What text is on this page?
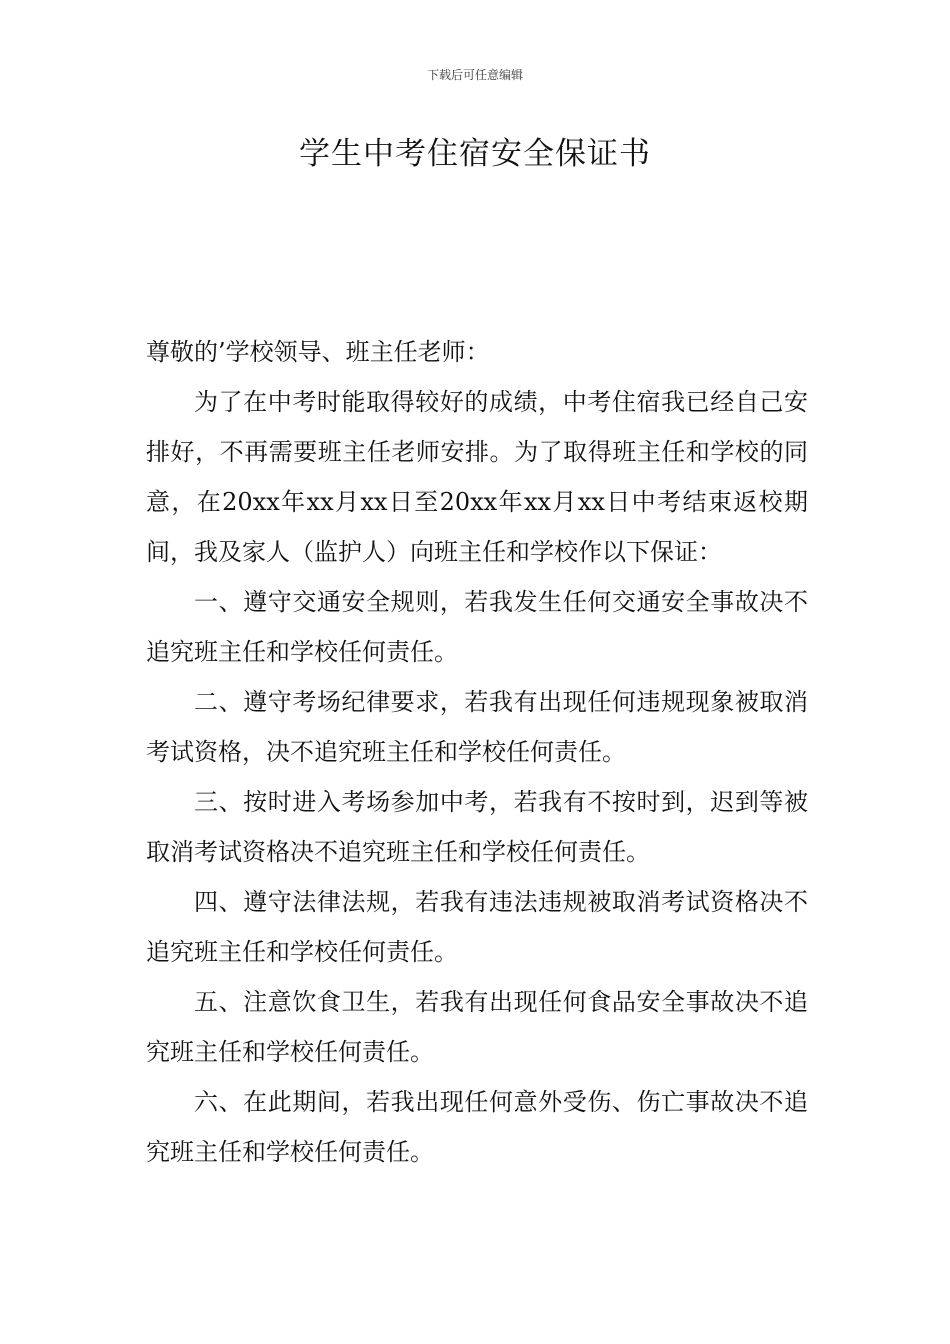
下载后可任意编辑
学生中考住宿安全保证书

尊敬的’学校领导、班主任老师：

为了在中考时能取得较好的成绩，中考住宿我已经自己安排好，不再需要班主任老师安排。为了取得班主任和学校的同意，在20xx年xx月xx日至20xx年xx月xx日中考结束返校期间，我及家人（监护人）向班主任和学校作以下保证：

一、遵守交通安全规则，若我发生任何交通安全事故决不追究班主任和学校任何责任。

二、遵守考场纪律要求，若我有出现任何违规现象被取消考试资格，决不追究班主任和学校任何责任。

三、按时进入考场参加中考，若我有不按时到，迟到等被取消考试资格决不追究班主任和学校任何责任。

四、遵守法律法规，若我有违法违规被取消考试资格决不追究班主任和学校任何责任。

五、注意饮食卫生，若我有出现任何食品安全事故决不追究班主任和学校任何责任。

六、在此期间，若我出现任何意外受伤、伤亡事故决不追究班主任和学校任何责任。
